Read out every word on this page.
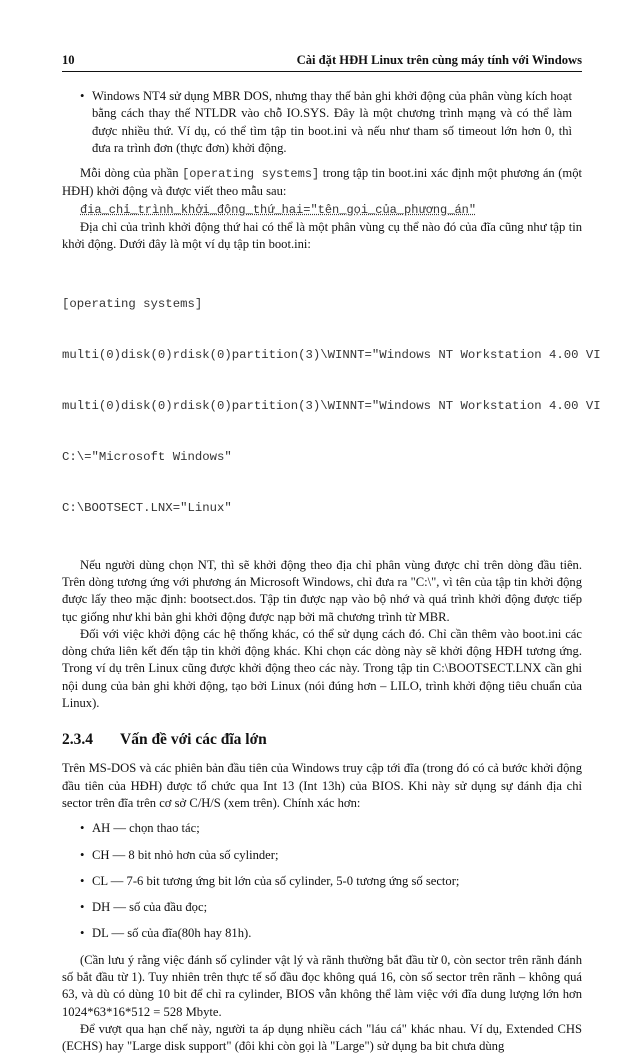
10	Cài đặt HĐH Linux trên cùng máy tính với Windows
• Windows NT4 sử dụng MBR DOS, nhưng thay thế bản ghi khởi động của phân vùng kích hoạt bằng cách thay thế NTLDR vào chỗ IO.SYS. Đây là một chương trình mạng và có thể làm được nhiều thứ. Ví dụ, có thể tìm tập tin boot.ini và nếu như tham số timeout lớn hơn 0, thì đưa ra trình đơn (thực đơn) khởi động.

Mỗi dòng của phần [operating systems] trong tập tin boot.ini xác định một phương án (một HĐH) khởi động và được viết theo mẫu sau:

địa_chỉ_trình_khởi_động_thứ_hai="tên_gọi_của_phương_án"

Địa chỉ của trình khởi động thứ hai có thể là một phân vùng cụ thể nào đó của đĩa cũng như tập tin khởi động. Dưới đây là một ví dụ tập tin boot.ini:

[operating systems]

multi(0)disk(0)rdisk(0)partition(3)\WINNT="Windows NT Workstation 4.00 VI

multi(0)disk(0)rdisk(0)partition(3)\WINNT="Windows NT Workstation 4.00 VI

C:\="Microsoft Windows"

C:\BOOTSECT.LNX="Linux"

Nếu người dùng chọn NT, thì sẽ khởi động theo địa chỉ phân vùng được chỉ trên dòng đầu tiên. Trên dòng tương ứng với phương án Microsoft Windows, chỉ đưa ra "C:\", vì tên của tập tin khởi động được lấy theo mặc định: bootsect.dos. Tập tin được nạp vào bộ nhớ và quá trình khởi động được tiếp tục giống như khi bản ghi khởi động được nạp bởi mã chương trình từ MBR.

Đối với việc khởi động các hệ thống khác, có thể sử dụng cách đó. Chỉ cần thêm vào boot.ini các dòng chứa liên kết đến tập tin khởi động khác. Khi chọn các dòng này sẽ khởi động HĐH tương ứng. Trong ví dụ trên Linux cũng được khởi động theo các này. Trong tập tin C:\BOOTSECT.LNX cần ghi nội dung của bản ghi khởi động, tạo bởi Linux (nói đúng hơn – LILO, trình khởi động tiêu chuẩn của Linux).

2.3.4 Vấn đề với các đĩa lớn

Trên MS-DOS và các phiên bản đầu tiên của Windows truy cập tới đĩa (trong đó có cả bước khởi động đầu tiên của HĐH) được tổ chức qua Int 13 (Int 13h) của BIOS. Khi này sử dụng sự đánh địa chỉ sector trên đĩa trên cơ sở C/H/S (xem trên). Chính xác hơn:

• AH — chọn thao tác;
• CH — 8 bit nhỏ hơn của số cylinder;
• CL — 7-6 bit tương ứng bit lớn của số cylinder, 5-0 tương ứng số sector;
• DH — số của đầu đọc;
• DL — số của đĩa(80h hay 81h).

(Cần lưu ý rằng việc đánh số cylinder vật lý và rãnh thường bắt đầu từ 0, còn sector trên rãnh đánh số bắt đầu từ 1). Tuy nhiên trên thực tế số đầu đọc không quá 16, còn số sector trên rãnh – không quá 63, và dù có dùng 10 bit để chỉ ra cylinder, BIOS vẫn không thể làm việc với đĩa dung lượng lớn hơn 1024*63*16*512 = 528 Mbyte.

Để vượt qua hạn chế này, người ta áp dụng nhiều cách "láu cá" khác nhau. Ví dụ, Extended CHS (ECHS) hay "Large disk support" (đôi khi còn gọi là "Large") sử dụng ba bit chưa dùng
